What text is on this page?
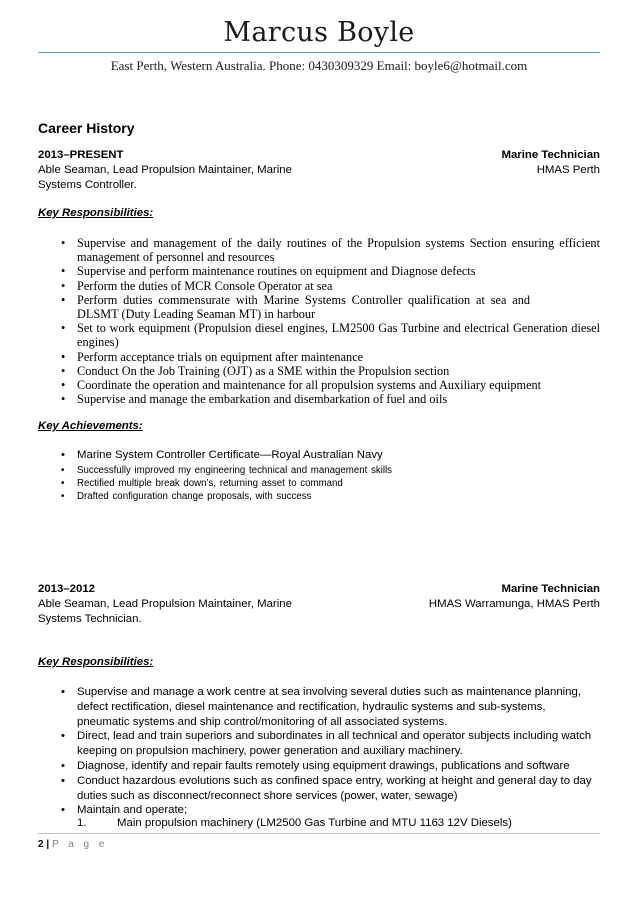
Marcus Boyle
East Perth, Western Australia. Phone: 0430309329 Email: boyle6@hotmail.com
Career History
2013–PRESENT	Marine Technician
Able Seaman, Lead Propulsion Maintainer, Marine	HMAS Perth
Systems Controller.
Key Responsibilities:
• Supervise and management of the daily routines of the Propulsion systems Section ensuring efficient management of personnel and resources
• Supervise and perform maintenance routines on equipment and Diagnose defects
• Perform the duties of MCR Console Operator at sea
• Perform duties commensurate with Marine Systems Controller qualification at sea and DLSMT (Duty Leading Seaman MT) in harbour
• Set to work equipment (Propulsion diesel engines, LM2500 Gas Turbine and electrical Generation diesel engines)
• Perform acceptance trials on equipment after maintenance
• Conduct On the Job Training (OJT) as a SME within the Propulsion section
• Coordinate the operation and maintenance for all propulsion systems and Auxiliary equipment
• Supervise and manage the embarkation and disembarkation of fuel and oils
Key Achievements:
• Marine System Controller Certificate—Royal Australian Navy
• Successfully improved my engineering technical and management skills
• Rectified multiple break down’s, returning asset to command
• Drafted configuration change proposals, with success
2013–2012	Marine Technician
Able Seaman, Lead Propulsion Maintainer, Marine	HMAS Warramunga, HMAS Perth
Systems Technician.
Key Responsibilities:
• Supervise and manage a work centre at sea involving several duties such as maintenance planning, defect rectification, diesel maintenance and rectification, hydraulic systems and sub-systems, pneumatic systems and ship control/monitoring of all associated systems.
• Direct, lead and train superiors and subordinates in all technical and operator subjects including watch keeping on propulsion machinery, power generation and auxiliary machinery.
• Diagnose, identify and repair faults remotely using equipment drawings, publications and software
• Conduct hazardous evolutions such as confined space entry, working at height and general day to day duties such as disconnect/reconnect shore services (power, water, sewage)
• Maintain and operate;
1.	Main propulsion machinery (LM2500 Gas Turbine and MTU 1163 12V Diesels)
2 | P a g e
